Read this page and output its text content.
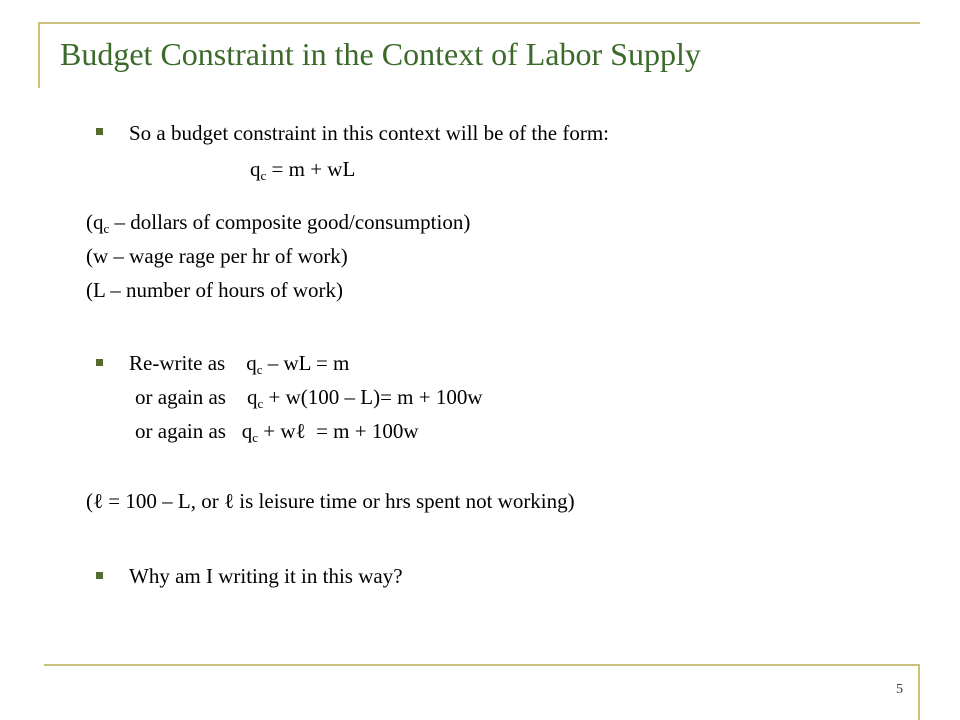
Budget Constraint in the Context of Labor Supply
So a budget constraint in this context will be of the form:
$q_c = m$ + wL
($q_c$ – dollars of composite good/consumption)
(w – wage rage per hr of work)
(L – number of hours of work)
Re-write as    $q_c$ – wL = m
or again as    $q_c + w(100 - L)= m + 100w$
or again as   $q_c$ + wℓ  = m + 100w
(ℓ = 100 – L, or ℓ is leisure time or hrs spent not working)
Why am I writing it in this way?
5
